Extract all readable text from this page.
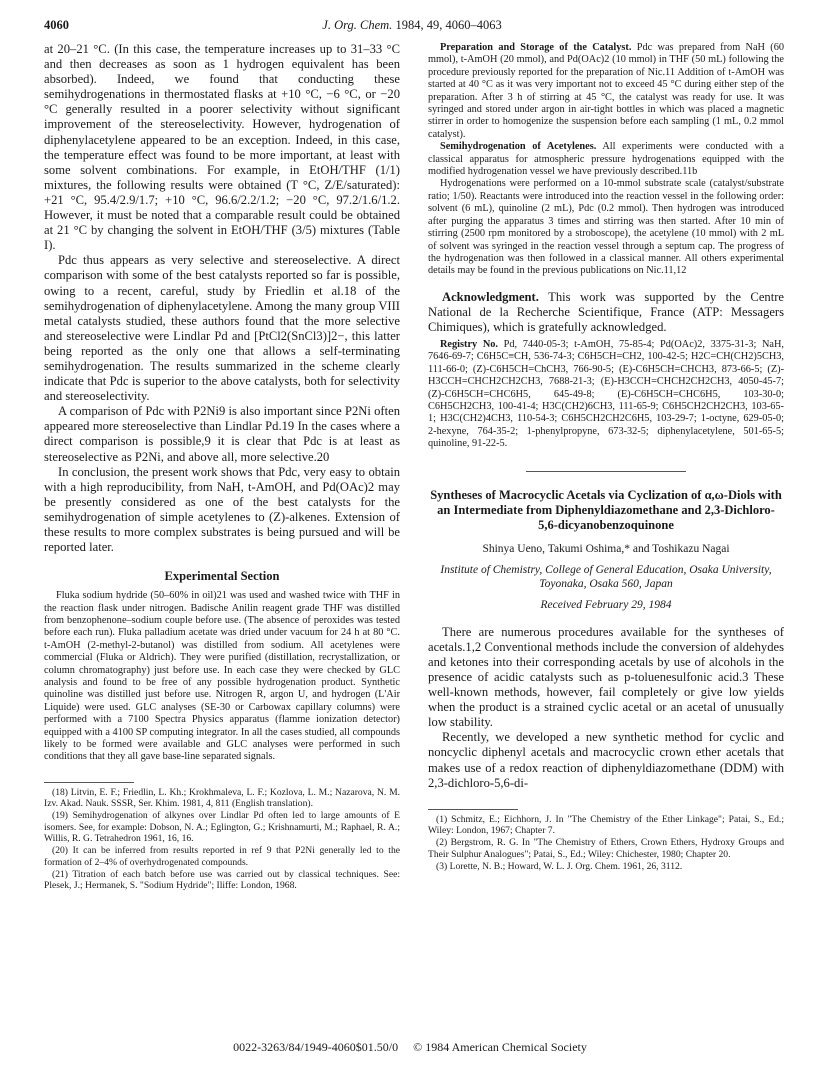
4060	J. Org. Chem. 1984, 49, 4060–4063

at 20–21 °C. (In this case, the temperature increases up to 31–33 °C and then decreases as soon as 1 hydrogen equivalent has been absorbed). Indeed, we found that conducting these semihydrogenations in thermostated flasks at +10 °C, −6 °C, or −20 °C generally resulted in a poorer selectivity without significant improvement of the stereoselectivity. However, hydrogenation of diphenylacetylene appeared to be an exception. Indeed, in this case, the temperature effect was found to be more important, at least with some solvent combinations. For example, in EtOH/THF (1/1) mixtures, the following results were obtained (T °C, Z/E/saturated): +21 °C, 95.4/2.9/1.7; +10 °C, 96.6/2.2/1.2; −20 °C, 97.2/1.6/1.2. However, it must be noted that a comparable result could be obtained at 21 °C by changing the solvent in EtOH/THF (3/5) mixtures (Table I).

Pdc thus appears as very selective and stereoselective. A direct comparison with some of the best catalysts reported so far is possible, owing to a recent, careful, study by Friedlin et al.18 of the semihydrogenation of diphenylacetylene. Among the many group VIII metal catalysts studied, these authors found that the more selective and stereoselective were Lindlar Pd and [PtCl2(SnCl3)]2−, this latter being reported as the only one that allows a self-terminating semihydrogenation. The results summarized in the scheme clearly indicate that Pdc is superior to the above catalysts, both for selectivity and stereoselectivity.

A comparison of Pdc with P2Ni9 is also important since P2Ni often appeared more stereoselective than Lindlar Pd.19 In the cases where a direct comparison is possible,9 it is clear that Pdc is at least as stereoselective as P2Ni, and above all, more selective.20

In conclusion, the present work shows that Pdc, very easy to obtain with a high reproducibility, from NaH, t-AmOH, and Pd(OAc)2 may be presently considered as one of the best catalysts for the semihydrogenation of simple acetylenes to (Z)-alkenes. Extension of these results to more complex substrates is being pursued and will be reported later.

Experimental Section

Fluka sodium hydride (50–60% in oil)21 was used and washed twice with THF in the reaction flask under nitrogen. Badische Anilin reagent grade THF was distilled from benzophenone–sodium couple before use. (The absence of peroxides was tested before each run). Fluka palladium acetate was dried under vacuum for 24 h at 80 °C. t-AmOH (2-methyl-2-butanol) was distilled from sodium. All acetylenes were commercial (Fluka or Aldrich). They were purified (distillation, recrystallization, or column chromatography) just before use. In each case they were checked by GLC analysis and found to be free of any possible hydrogenation product. Synthetic quinoline was distilled just before use. Nitrogen R, argon U, and hydrogen (L'Air Liquide) were used. GLC analyses (SE-30 or Carbowax capillary columns) were performed with a 7100 Spectra Physics apparatus (flamme ionization detector) equipped with a 4100 SP computing integrator. In all the cases studied, all compounds likely to be formed were available and GLC analyses were performed in such conditions that they all gave base-line separated signals.

(18) Litvin, E. F.; Friedlin, L. Kh.; Krokhmaleva, L. F.; Kozlova, L. M.; Nazarova, N. M. Izv. Akad. Nauk. SSSR, Ser. Khim. 1981, 4, 811 (English translation).

(19) Semihydrogenation of alkynes over Lindlar Pd often led to large amounts of E isomers. See, for example: Dobson, N. A.; Eglington, G.; Krishnamurti, M.; Raphael, R. A.; Willis, R. G. Tetrahedron 1961, 16, 16.

(20) It can be inferred from results reported in ref 9 that P2Ni generally led to the formation of 2–4% of overhydrogenated compounds.

(21) Titration of each batch before use was carried out by classical techniques. See: Plesek, J.; Hermanek, S. "Sodium Hydride"; Iliffe: London, 1968.

Preparation and Storage of the Catalyst. Pdc was prepared from NaH (60 mmol), t-AmOH (20 mmol), and Pd(OAc)2 (10 mmol) in THF (50 mL) following the procedure previously reported for the preparation of Nic.11 Addition of t-AmOH was started at 40 °C as it was very important not to exceed 45 °C during either step of the preparation. After 3 h of stirring at 45 °C, the catalyst was ready for use. It was syringed and stored under argon in air-tight bottles in which was placed a magnetic stirrer in order to homogenize the suspension before each sampling (1 mL, 0.2 mmol catalyst).

Semihydrogenation of Acetylenes. All experiments were conducted with a classical apparatus for atmospheric pressure hydrogenations equipped with the modified hydrogenation vessel we have previously described.11b

Hydrogenations were performed on a 10-mmol substrate scale (catalyst/substrate ratio; 1/50). Reactants were introduced into the reaction vessel in the following order: solvent (6 mL), quinoline (2 mL), Pdc (0.2 mmol). Then hydrogen was introduced after purging the apparatus 3 times and stirring was then started. After 10 min of stirring (2500 rpm monitored by a stroboscope), the acetylene (10 mmol) with 2 mL of solvent was syringed in the reaction vessel through a septum cap. The progress of the hydrogenation was then followed in a classical manner. All others experimental details may be found in the previous publications on Nic.11,12

Acknowledgment. This work was supported by the Centre National de la Recherche Scientifique, France (ATP: Messagers Chimiques), which is gratefully acknowledged.

Registry No. Pd, 7440-05-3; t-AmOH, 75-85-4; Pd(OAc)2, 3375-31-3; NaH, 7646-69-7; C6H5C≡CH, 536-74-3; C6H5CH=CH2, 100-42-5; H2C=CH(CH2)5CH3, 111-66-0; (Z)-C6H5CH=ChCH3, 766-90-5; (E)-C6H5CH=CHCH3, 873-66-5; (Z)-H3CCH=CHCH2CH2CH3, 7688-21-3; (E)-H3CCH=CHCH2CH2CH3, 4050-45-7; (Z)-C6H5CH=CHC6H5, 645-49-8; (E)-C6H5CH=CHC6H5, 103-30-0; C6H5CH2CH3, 100-41-4; H3C(CH2)6CH3, 111-65-9; C6H5CH2CH2CH3, 103-65-1; H3C(CH2)4CH3, 110-54-3; C6H5CH2CH2C6H5, 103-29-7; 1-octyne, 629-05-0; 2-hexyne, 764-35-2; 1-phenylpropyne, 673-32-5; diphenylacetylene, 501-65-5; quinoline, 91-22-5.

Syntheses of Macrocyclic Acetals via Cyclization of α,ω-Diols with an Intermediate from Diphenyldiazomethane and 2,3-Dichloro-5,6-dicyanobenzoquinone
Shinya Ueno, Takumi Oshima,* and Toshikazu Nagai
Institute of Chemistry, College of General Education, Osaka University, Toyonaka, Osaka 560, Japan
Received February 29, 1984

There are numerous procedures available for the syntheses of acetals.1,2 Conventional methods include the conversion of aldehydes and ketones into their corresponding acetals by use of alcohols in the presence of acidic catalysts such as p-toluenesulfonic acid.3 These well-known methods, however, fail completely or give low yields when the product is a strained cyclic acetal or an acetal of unusually low stability.

Recently, we developed a new synthetic method for cyclic and noncyclic diphenyl acetals and macrocyclic crown ether acetals that makes use of a redox reaction of diphenyldiazomethane (DDM) with 2,3-dichloro-5,6-di-

(1) Schmitz, E.; Eichhorn, J. In "The Chemistry of the Ether Linkage"; Patai, S., Ed.; Wiley: London, 1967; Chapter 7.

(2) Bergstrom, R. G. In "The Chemistry of Ethers, Crown Ethers, Hydroxy Groups and Their Sulphur Analogues"; Patai, S., Ed.; Wiley: Chichester, 1980; Chapter 20.

(3) Lorette, N. B.; Howard, W. L. J. Org. Chem. 1961, 26, 3112.

0022-3263/84/1949-4060$01.50/0 © 1984 American Chemical Society
